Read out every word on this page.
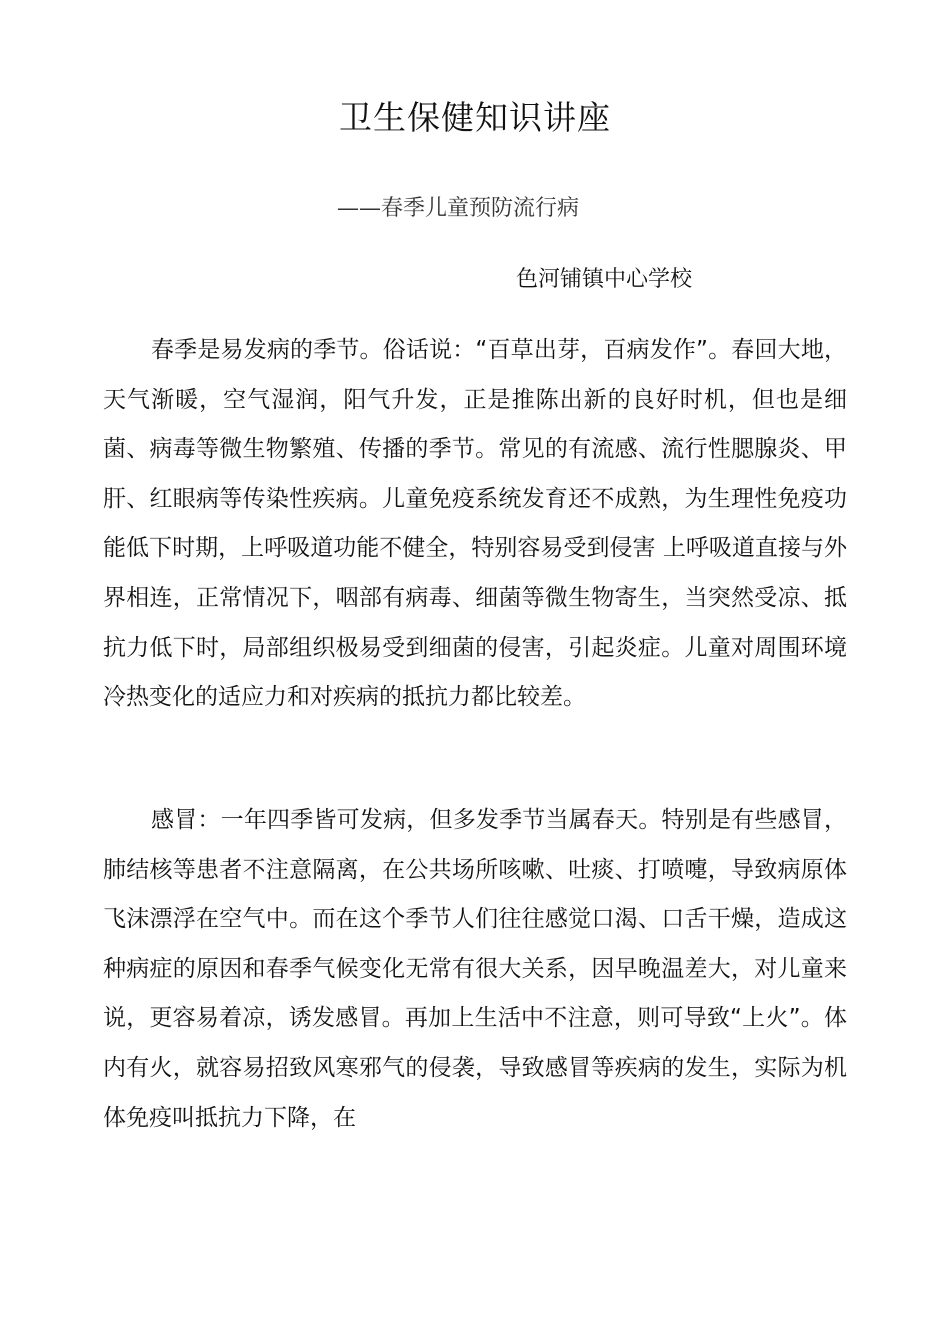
卫生保健知识讲座
——春季儿童预防流行病
色河铺镇中心学校

春季是易发病的季节。俗话说：“百草出芽，百病发作”。春回大地，天气渐暖，空气湿润，阳气升发，正是推陈出新的良好时机，但也是细菌、病毒等微生物繁殖、传播的季节。常见的有流感、流行性腮腺炎、甲肝、红眼病等传染性疾病。儿童免疫系统发育还不成熟，为生理性免疫功能低下时期，上呼吸道功能不健全，特别容易受到侵害 上呼吸道直接与外界相连，正常情况下，咽部有病毒、细菌等微生物寄生，当突然受凉、抵抗力低下时，局部组织极易受到细菌的侵害，引起炎症。儿童对周围环境冷热变化的适应力和对疾病的抵抗力都比较差。

感冒：一年四季皆可发病，但多发季节当属春天。特别是有些感冒，肺结核等患者不注意隔离，在公共场所咳嗽、吐痰、打喷嚏，导致病原体飞沫漂浮在空气中。而在这个季节人们往往感觉口渴、口舌干燥，造成这种病症的原因和春季气候变化无常有很大关系，因早晚温差大，对儿童来说，更容易着凉，诱发感冒。再加上生活中不注意，则可导致“上火”。体内有火，就容易招致风寒邪气的侵袭，导致感冒等疾病的发生，实际为机体免疫叫抵抗力下降，在
